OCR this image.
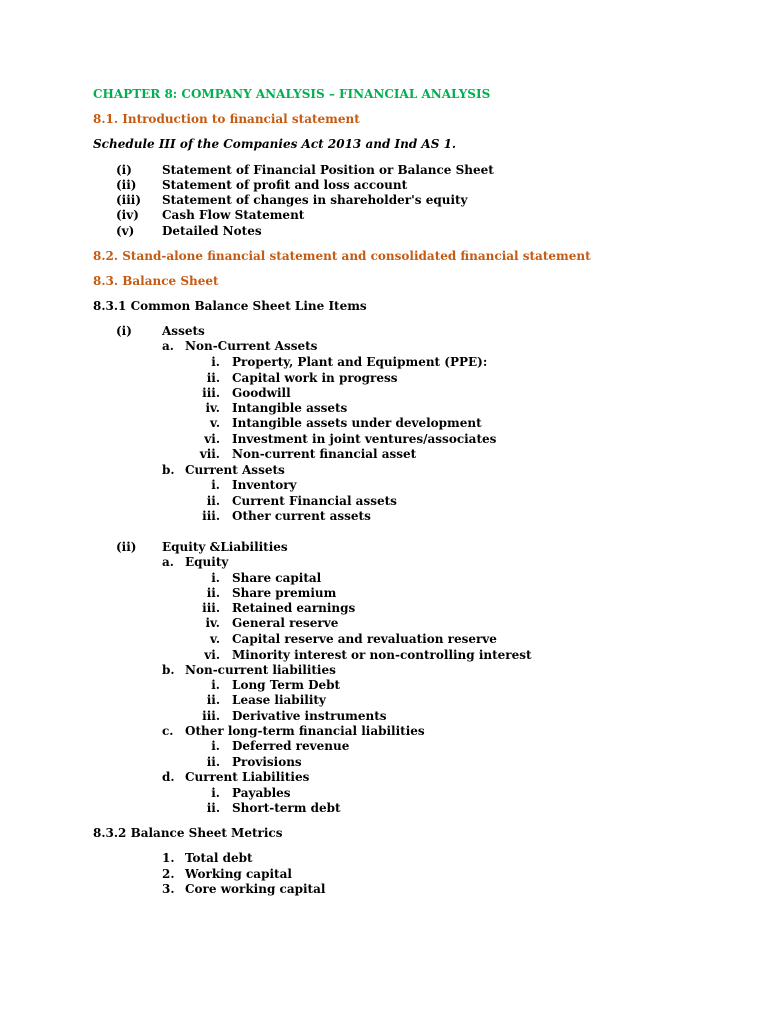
CHAPTER 8: COMPANY ANALYSIS – FINANCIAL ANALYSIS
8.1. Introduction to financial statement
Schedule III of the Companies Act 2013 and Ind AS 1.
(i)	Statement of Financial Position or Balance Sheet
(ii) Statement of profit and loss account
(iii) Statement of changes in shareholder's equity
(iv) Cash Flow Statement
(v) Detailed Notes
8.2. Stand-alone financial statement and consolidated financial statement
8.3. Balance Sheet
8.3.1 Common Balance Sheet Line Items
(i)	Assets
a. Non-Current Assets
i. Property, Plant and Equipment (PPE):
ii. Capital work in progress
iii. Goodwill
iv. Intangible assets
v. Intangible assets under development
vi. Investment in joint ventures/associates
vii. Non-current financial asset
b. Current Assets
i. Inventory
ii. Current Financial assets
iii. Other current assets
(ii) Equity &Liabilities
a. Equity
i. Share capital
ii. Share premium
iii. Retained earnings
iv. General reserve
v. Capital reserve and revaluation reserve
vi. Minority interest or non-controlling interest
b. Non-current liabilities
i. Long Term Debt
ii. Lease liability
iii. Derivative instruments
c. Other long-term financial liabilities
i. Deferred revenue
ii. Provisions
d. Current Liabilities
i. Payables
ii. Short-term debt
8.3.2 Balance Sheet Metrics
1. Total debt
2. Working capital
3. Core working capital
